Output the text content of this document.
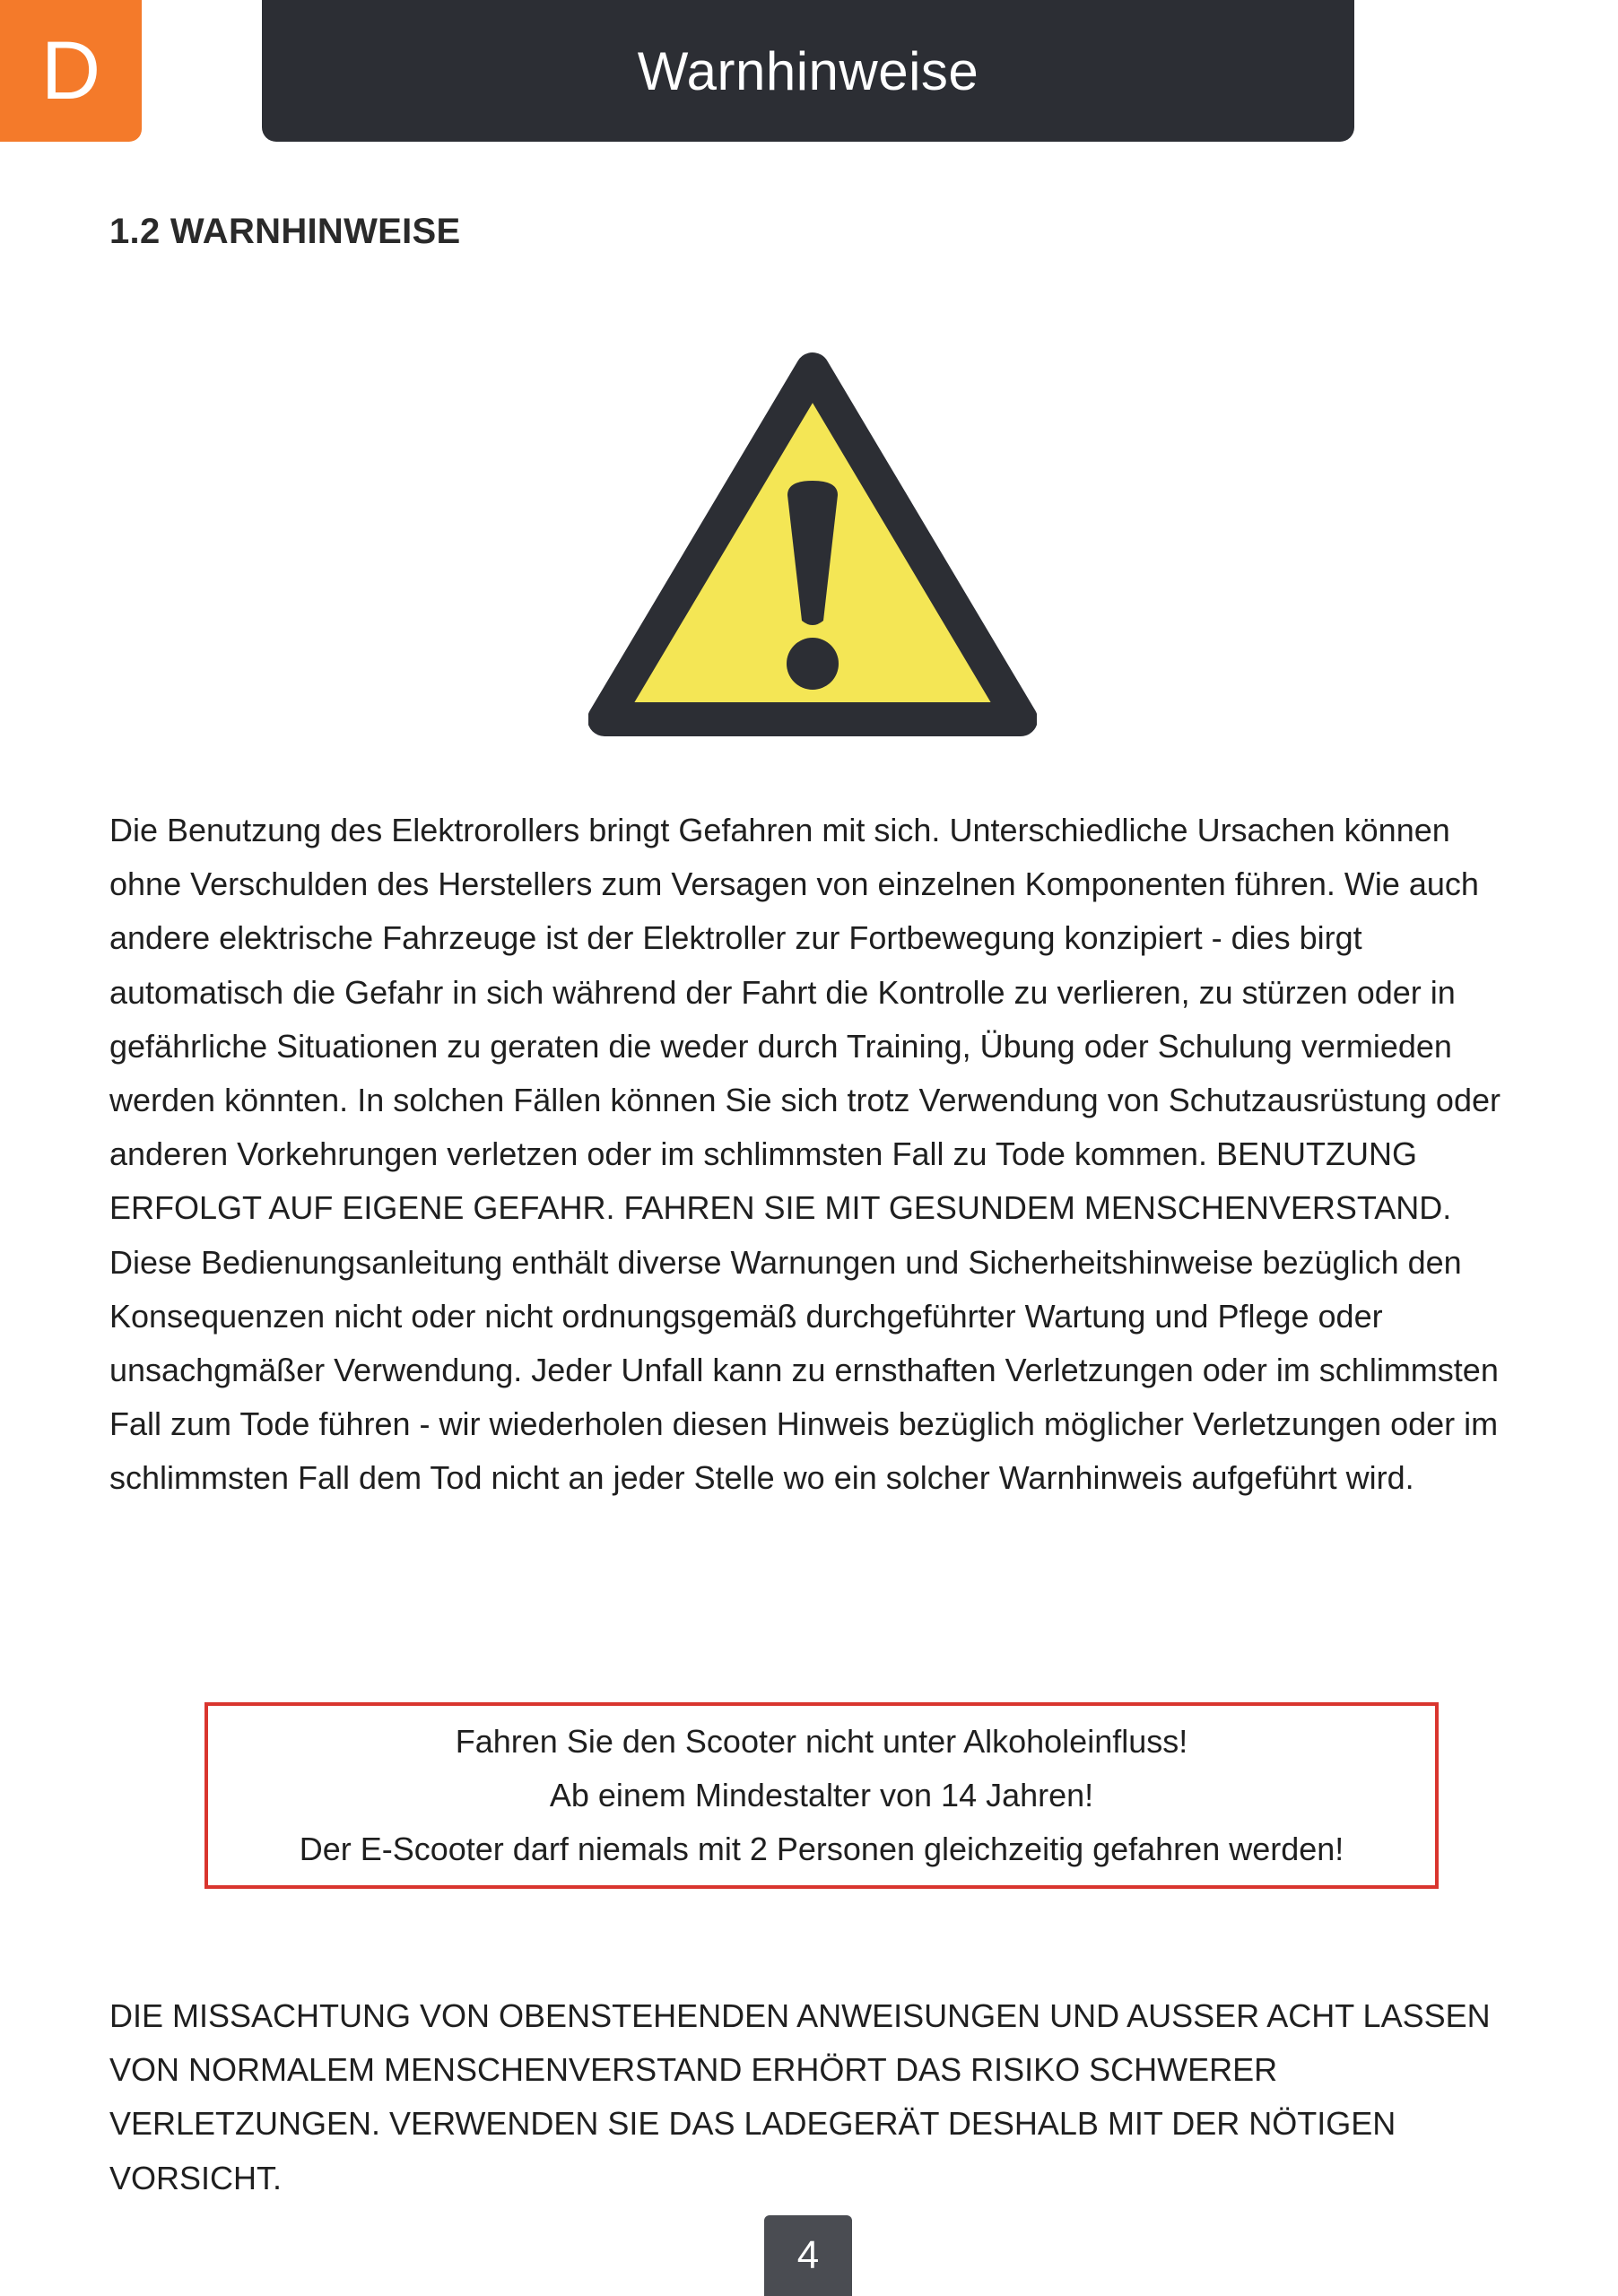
D	Warnhinweise
1.2 WARNHINWEISE

Die Benutzung des Elektrorollers bringt Gefahren mit sich. Unterschiedliche Ursachen können ohne Verschulden des Herstellers zum Versagen von einzelnen Komponenten führen. Wie auch andere elektrische Fahrzeuge ist der Elektroller zur Fortbewegung konzipiert - dies birgt automatisch die Gefahr in sich während der Fahrt die Kontrolle zu verlieren, zu stürzen oder in gefährliche Situationen zu geraten die weder durch Training, Übung oder Schulung vermieden werden könnten. In solchen Fällen können Sie sich trotz Verwendung von Schutzausrüstung oder anderen Vorkehrungen verletzen oder im schlimmsten Fall zu Tode kommen. BENUTZUNG ERFOLGT AUF EIGENE GEFAHR. FAHREN SIE MIT GESUNDEM MENSCHENVERSTAND.

Diese Bedienungsanleitung enthält diverse Warnungen und Sicherheitshinweise bezüglich den Konsequenzen nicht oder nicht ordnungsgemäß durchgeführter Wartung und Pflege oder unsachgmäßer Verwendung. Jeder Unfall kann zu ernsthaften Verletzungen oder im schlimmsten Fall zum Tode führen - wir wiederholen diesen Hinweis bezüglich möglicher Verletzungen oder im schlimmsten Fall dem Tod nicht an jeder Stelle wo ein solcher Warnhinweis aufgeführt wird.

Fahren Sie den Scooter nicht unter Alkoholeinfluss!
Ab einem Mindestalter von 14 Jahren!
Der E-Scooter darf niemals mit 2 Personen gleichzeitig gefahren werden!

DIE MISSACHTUNG VON OBENSTEHENDEN ANWEISUNGEN UND AUSSER ACHT LASSEN VON NORMALEM MENSCHENVERSTAND ERHÖRT DAS RISIKO SCHWERER VERLETZUNGEN. VERWENDEN SIE DAS LADEGERÄT DESHALB MIT DER NÖTIGEN VORSICHT.

4
